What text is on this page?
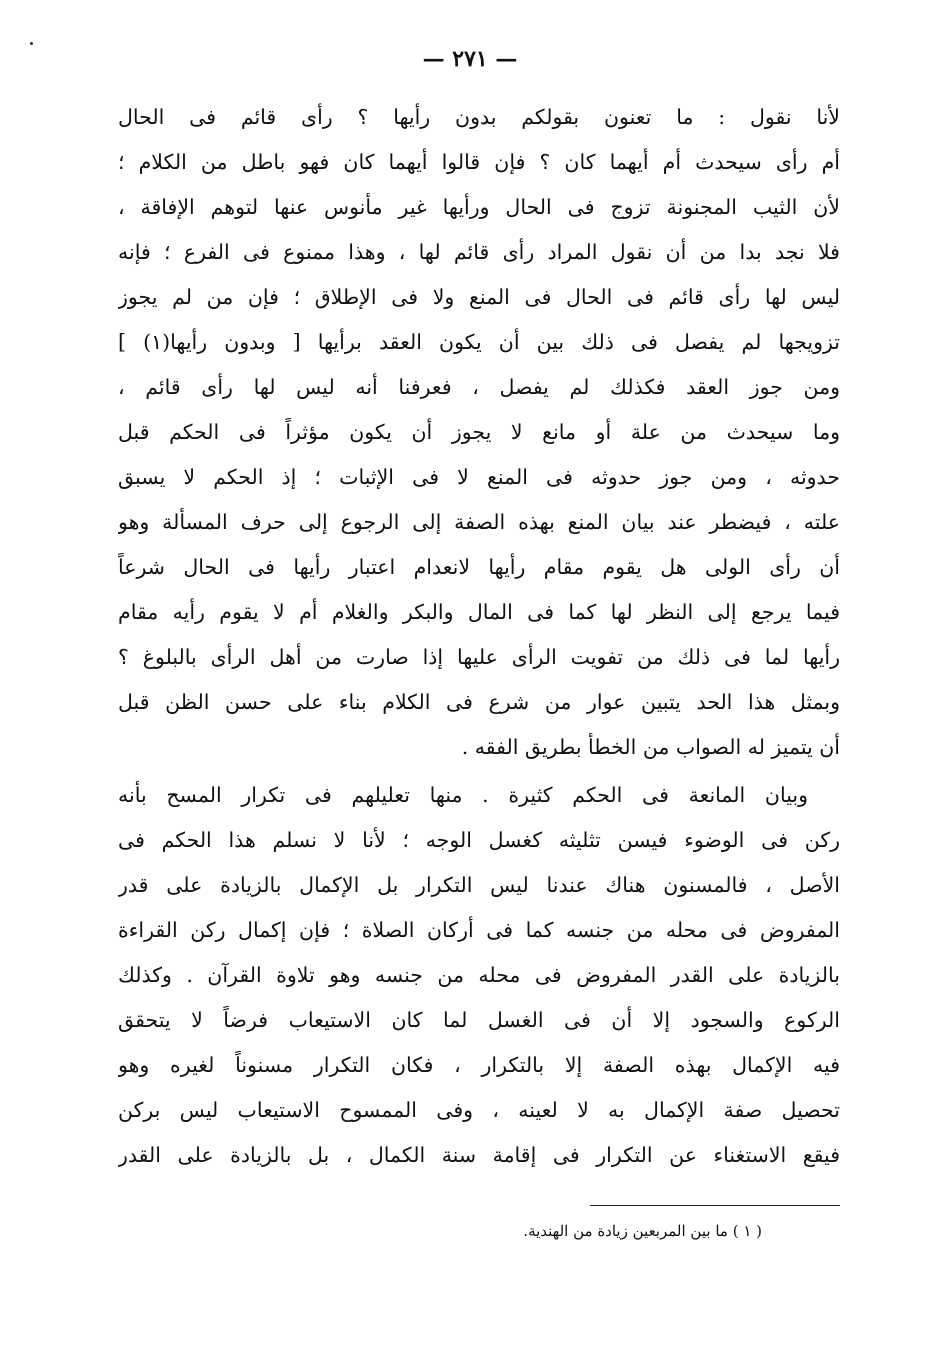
— ٢٧١ —
لأنا نقول : ما تعنون بقولكم بدون رأيها ؟ رأى قائم فى الحال
أم رأى سيحدث أم أيهما كان ؟ فإن قالوا أيهما كان فهو باطل من الكلام ؛
لأن الثيب المجنونة تزوج فى الحال ورأيها غير مأنوس عنها لتوهم الإفاقة ،
فلا نجد بدا من أن نقول المراد رأى قائم لها ، وهذا ممنوع فى الفرع ؛ فإنه
ليس لها رأى قائم فى الحال فى المنع ولا فى الإطلاق ؛ فإن من لم يجوز
تزويجها لم يفصل فى ذلك بين أن يكون العقد برأيها [ وبدون رأيها(١) ]
ومن جوز العقد فكذلك لم يفصل ، فعرفنا أنه ليس لها رأى قائم ،
وما سيحدث من علة أو مانع لا يجوز أن يكون مؤثراً فى الحكم قبل
حدوثه ، ومن جوز حدوثه فى المنع لا فى الإثبات ؛ إذ الحكم لا يسبق
علته ، فيضطر عند بيان المنع بهذه الصفة إلى الرجوع إلى حرف المسألة وهو
أن رأى الولى هل يقوم مقام رأيها لانعدام اعتبار رأيها فى الحال شرعاً
فيما يرجع إلى النظر لها كما فى المال والبكر والغلام أم لا يقوم رأيه مقام
رأيها لما فى ذلك من تفويت الرأى عليها إذا صارت من أهل الرأى بالبلوغ ؟
وبمثل هذا الحد يتبين عوار من شرع فى الكلام بناء على حسن الظن قبل
أن يتميز له الصواب من الخطأ بطريق الفقه .
وبيان المانعة فى الحكم كثيرة . منها تعليلهم فى تكرار المسح بأنه
ركن فى الوضوء فيسن تثليثه كغسل الوجه ؛ لأنا لا نسلم هذا الحكم فى
الأصل ، فالمسنون هناك عندنا ليس التكرار بل الإكمال بالزيادة على قدر
المفروض فى محله من جنسه كما فى أركان الصلاة ؛ فإن إكمال ركن القراءة
بالزيادة على القدر المفروض فى محله من جنسه وهو تلاوة القرآن . وكذلك
الركوع والسجود إلا أن فى الغسل لما كان الاستيعاب فرضاً لا يتحقق
فيه الإكمال بهذه الصفة إلا بالتكرار ، فكان التكرار مسنوناً لغيره وهو
تحصيل صفة الإكمال به لا لعينه ، وفى الممسوح الاستيعاب ليس بركن
فيقع الاستغناء عن التكرار فى إقامة سنة الكمال ، بل بالزيادة على القدر
( ١ ) ما بين المربعين زيادة من الهندية.
